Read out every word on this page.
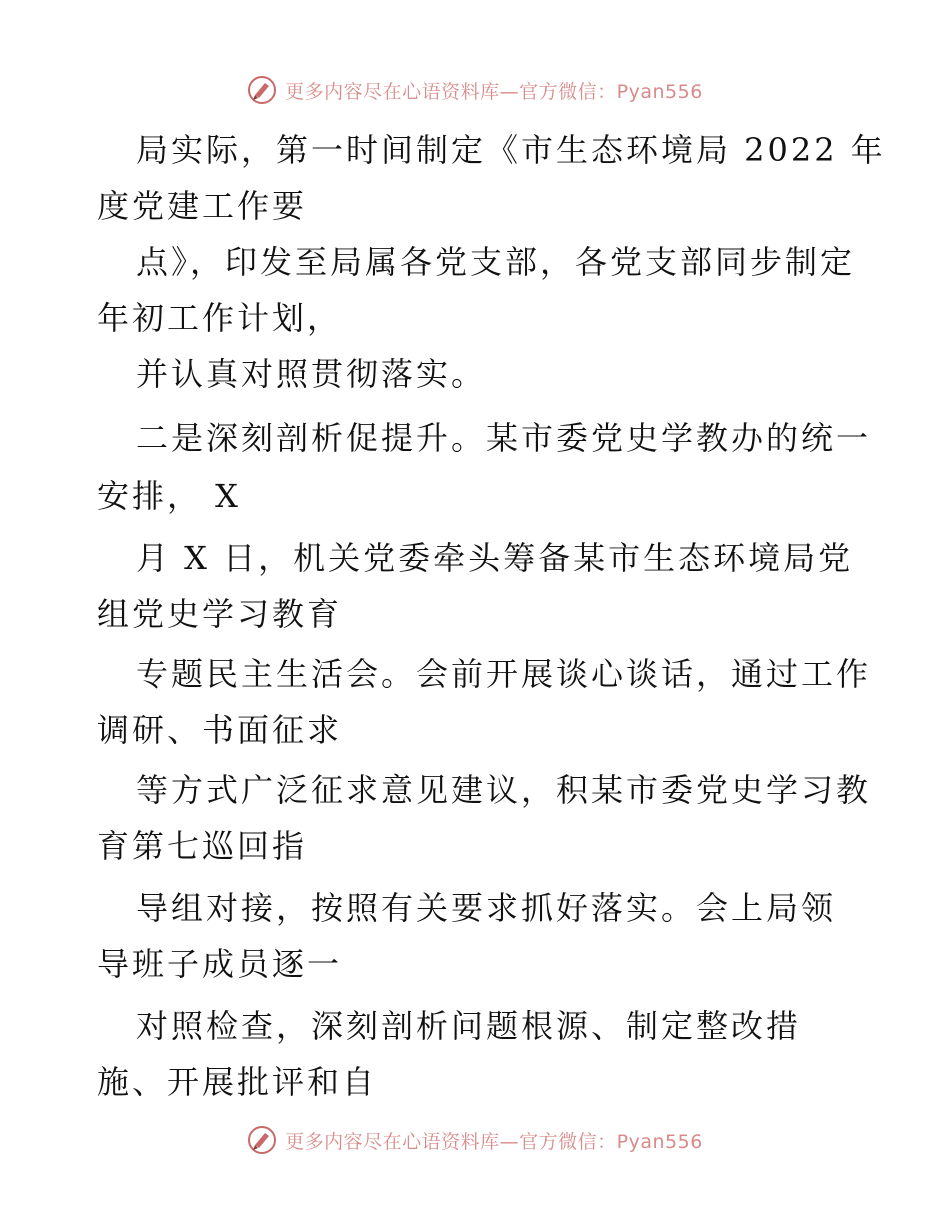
更多内容尽在心语资料库—官方微信：Pyan556
局实际，第一时间制定《市生态环境局 2022 年
度党建工作要
点》，印发至局属各党支部，各党支部同步制定
年初工作计划，
并认真对照贯彻落实。
二是深刻剖析促提升。某市委党史学教办的统一
安排， X
月 X 日，机关党委牵头筹备某市生态环境局党
组党史学习教育
专题民主生活会。会前开展谈心谈话，通过工作
调研、书面征求
等方式广泛征求意见建议，积某市委党史学习教
育第七巡回指
导组对接，按照有关要求抓好落实。会上局领
导班子成员逐一
对照检查，深刻剖析问题根源、制定整改措
施、开展批评和自
更多内容尽在心语资料库—官方微信：Pyan556
